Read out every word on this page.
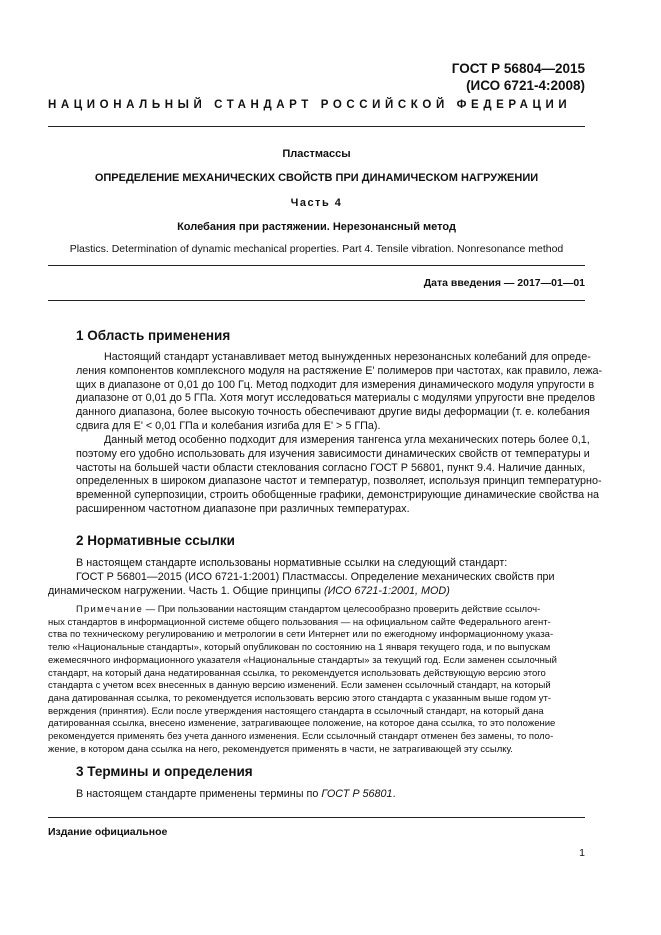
ГОСТ Р 56804—2015
(ИСО 6721-4:2008)
НАЦИОНАЛЬНЫЙ СТАНДАРТ РОССИЙСКОЙ ФЕДЕРАЦИИ
Пластмассы
ОПРЕДЕЛЕНИЕ МЕХАНИЧЕСКИХ СВОЙСТВ ПРИ ДИНАМИЧЕСКОМ НАГРУЖЕНИИ
Часть 4
Колебания при растяжении. Нерезонансный метод
Plastics. Determination of dynamic mechanical properties. Part 4. Tensile vibration. Nonresonance method
Дата введения — 2017—01—01
1 Область применения
Настоящий стандарт устанавливает метод вынужденных нерезонансных колебаний для опреде-
ления компонентов комплексного модуля на растяжение E' полимеров при частотах, как правило, лежа-
щих в диапазоне от 0,01 до 100 Гц. Метод подходит для измерения динамического модуля упругости в
диапазоне от 0,01 до 5 ГПа. Хотя могут исследоваться материалы с модулями упругости вне пределов
данного диапазона, более высокую точность обеспечивают другие виды деформации (т. е. колебания
сдвига для E' < 0,01 ГПа и колебания изгиба для E' > 5 ГПа).
Данный метод особенно подходит для измерения тангенса угла механических потерь более 0,1,
поэтому его удобно использовать для изучения зависимости динамических свойств от температуры и
частоты на большей части области стеклования согласно ГОСТ Р 56801, пункт 9.4. Наличие данных,
определенных в широком диапазоне частот и температур, позволяет, используя принцип температурно-
временной суперпозиции, строить обобщенные графики, демонстрирующие динамические свойства на
расширенном частотном диапазоне при различных температурах.
2 Нормативные ссылки
В настоящем стандарте использованы нормативные ссылки на следующий стандарт:
ГОСТ Р 56801—2015 (ИСО 6721-1:2001) Пластмассы. Определение механических свойств при
динамическом нагружении. Часть 1. Общие принципы (ИСО 6721-1:2001, MOD)
Примечание — При пользовании настоящим стандартом целесообразно проверить действие ссылоч-
ных стандартов в информационной системе общего пользования — на официальном сайте Федерального агент-
ства по техническому регулированию и метрологии в сети Интернет или по ежегодному информационному указа-
телю «Национальные стандарты», который опубликован по состоянию на 1 января текущего года, и по выпускам
ежемесячного информационного указателя «Национальные стандарты» за текущий год. Если заменен ссылочный
стандарт, на который дана недатированная ссылка, то рекомендуется использовать действующую версию этого
стандарта с учетом всех внесенных в данную версию изменений. Если заменен ссылочный стандарт, на который
дана датированная ссылка, то рекомендуется использовать версию этого стандарта с указанным выше годом ут-
верждения (принятия). Если после утверждения настоящего стандарта в ссылочный стандарт, на который дана
датированная ссылка, внесено изменение, затрагивающее положение, на которое дана ссылка, то это положение
рекомендуется применять без учета данного изменения. Если ссылочный стандарт отменен без замены, то поло-
жение, в котором дана ссылка на него, рекомендуется применять в части, не затрагивающей эту ссылку.
3 Термины и определения
В настоящем стандарте применены термины по ГОСТ Р 56801.
Издание официальное
1
